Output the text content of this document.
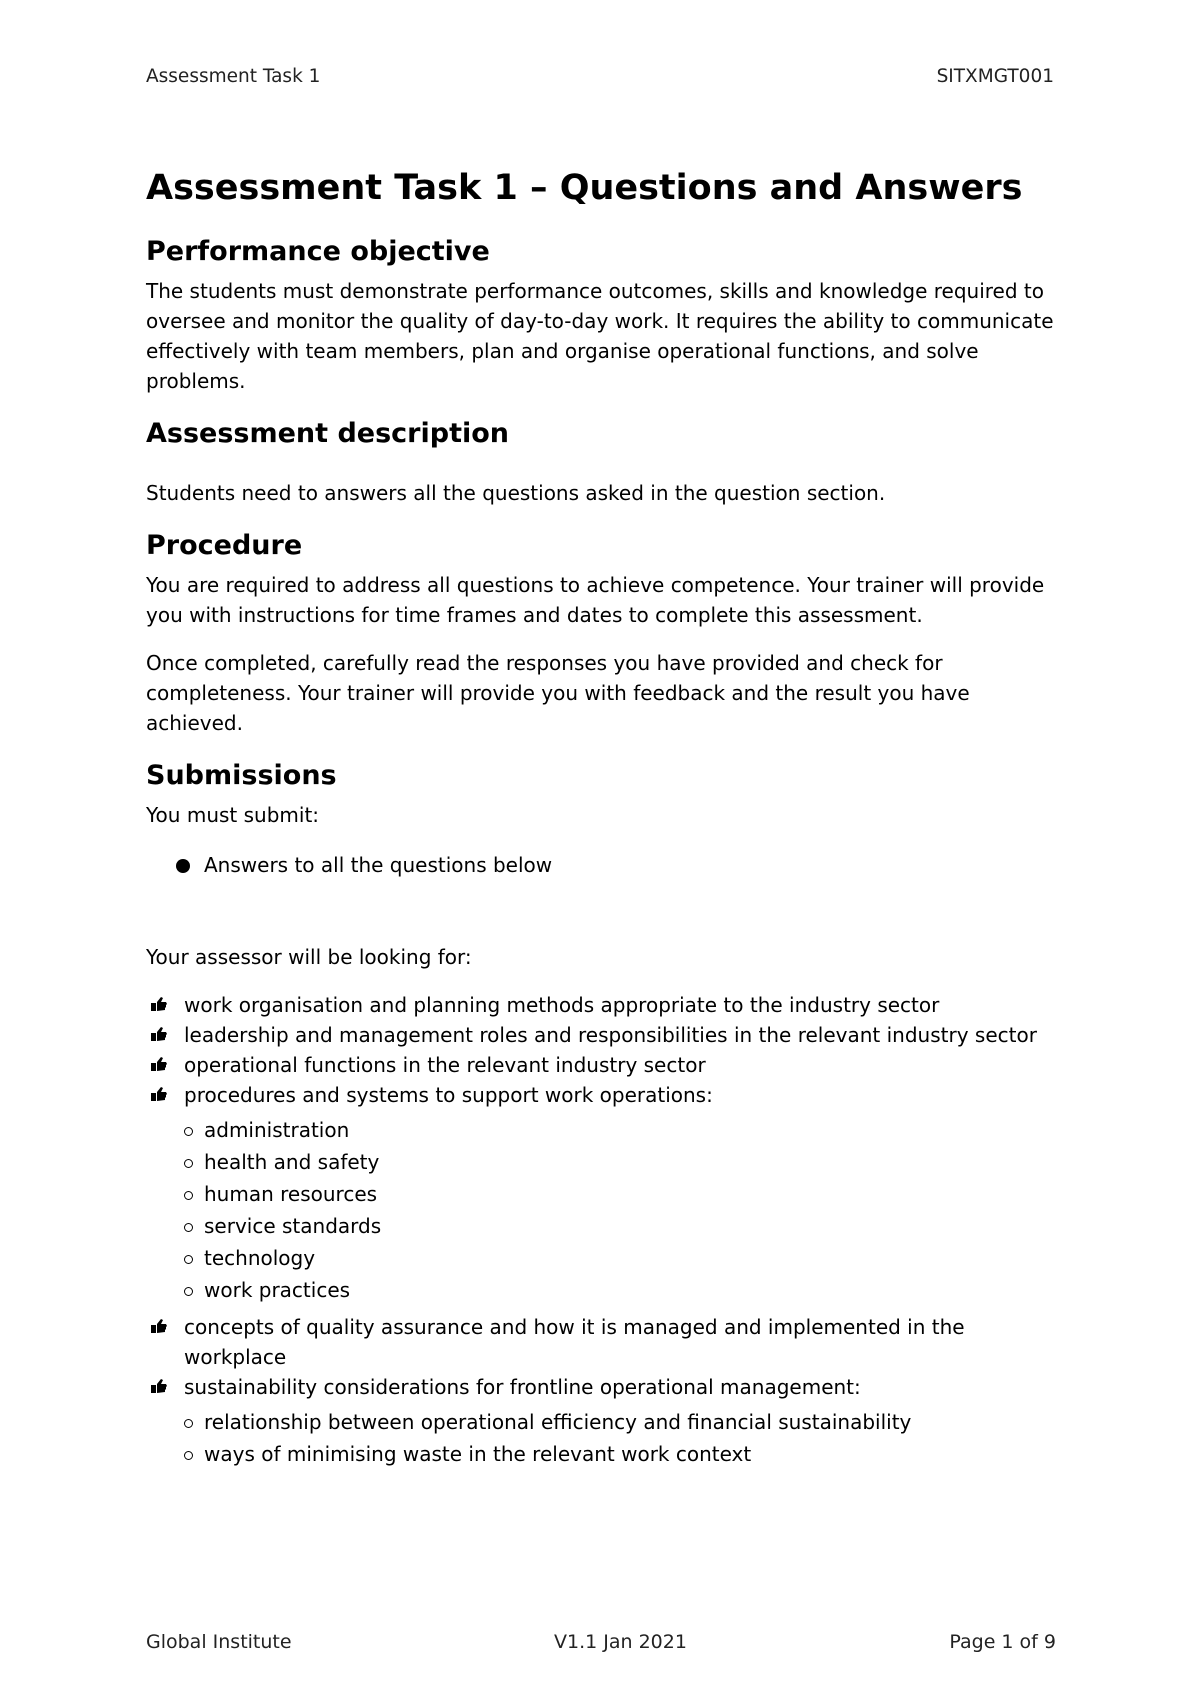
Assessment Task 1	SITXMGT001
Assessment Task 1 – Questions and Answers
Performance objective

The students must demonstrate performance outcomes, skills and knowledge required to oversee and monitor the quality of day-to-day work. It requires the ability to communicate effectively with team members, plan and organise operational functions, and solve problems.

Assessment description

Students need to answers all the questions asked in the question section.

Procedure

You are required to address all questions to achieve competence. Your trainer will provide you with instructions for time frames and dates to complete this assessment.

Once completed, carefully read the responses you have provided and check for completeness. Your trainer will provide you with feedback and the result you have achieved.

Submissions

You must submit:

Answers to all the questions below

Your assessor will be looking for:

work organisation and planning methods appropriate to the industry sector
leadership and management roles and responsibilities in the relevant industry sector
operational functions in the relevant industry sector
procedures and systems to support work operations:
administration
health and safety
human resources
service standards
technology
work practices
concepts of quality assurance and how it is managed and implemented in the workplace
sustainability considerations for frontline operational management:
relationship between operational efficiency and financial sustainability
ways of minimising waste in the relevant work context
Global Institute	V1.1 Jan 2021	Page 1 of 9
